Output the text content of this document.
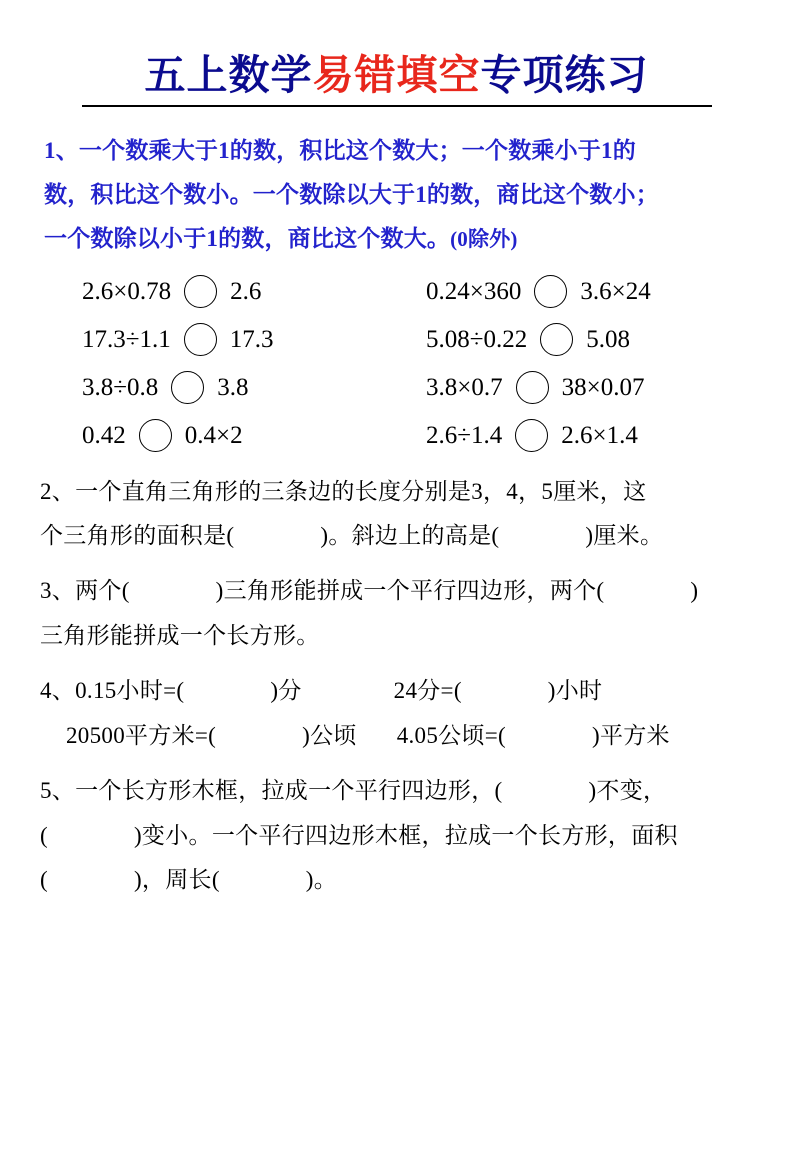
五上数学易错填空专项练习
1、一个数乘大于1的数，积比这个数大；一个数乘小于1的
数，积比这个数小。一个数除以大于1的数，商比这个数小；
一个数除以小于1的数，商比这个数大。(0除外)
2.6×0.78 2.6	0.24×360 3.6×24
17.3÷1.1 17.3	5.08÷0.22 5.08
3.8÷0.8 3.8	3.8×0.7 38×0.07
0.42 0.4×2	2.6÷1.4 2.6×1.4
2、一个直角三角形的三条边的长度分别是3，4，5厘米，这
个三角形的面积是(	)。斜边上的高是(	)厘米。
3、两个(	)三角形能拼成一个平行四边形，两个(	)
三角形能拼成一个长方形。
4、0.15小时=(	)分	24分=(	)小时
20500平方米=(	)公顷 4.05公顷=(	)平方米
5、一个长方形木框，拉成一个平行四边形，(	)不变，
(	)变小。一个平行四边形木框，拉成一个长方形，面积
(	)，周长(	)。
